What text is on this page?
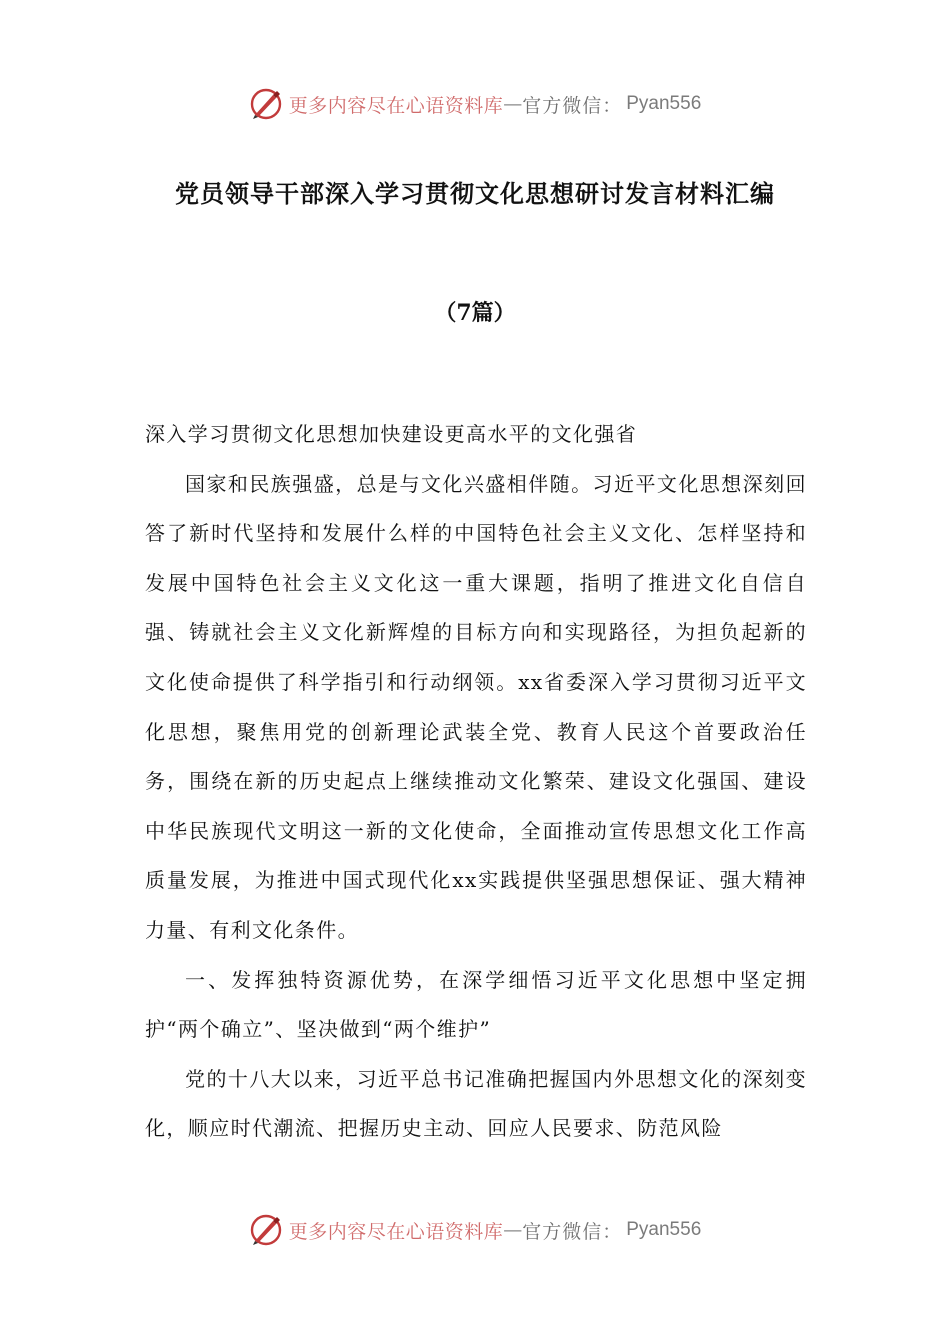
更多内容尽在心语资料库 — 官方微信： Pyan556
党员领导干部深入学习贯彻文化思想研讨发言材料汇编
（7篇）

深入学习贯彻文化思想加快建设更高水平的文化强省

国家和民族强盛，总是与文化兴盛相伴随。习近平文化思想深刻回答了新时代坚持和发展什么样的中国特色社会主义文化、怎样坚持和发展中国特色社会主义文化这一重大课题，指明了推进文化自信自强、铸就社会主义文化新辉煌的目标方向和实现路径，为担负起新的文化使命提供了科学指引和行动纲领。xx省委深入学习贯彻习近平文化思想，聚焦用党的创新理论武装全党、教育人民这个首要政治任务，围绕在新的历史起点上继续推动文化繁荣、建设文化强国、建设中华民族现代文明这一新的文化使命，全面推动宣传思想文化工作高质量发展，为推进中国式现代化xx实践提供坚强思想保证、强大精神力量、有利文化条件。

一、发挥独特资源优势，在深学细悟习近平文化思想中坚定拥护“两个确立”、坚决做到“两个维护”

党的十八大以来，习近平总书记准确把握国内外思想文化的深刻变化，顺应时代潮流、把握历史主动、回应人民要求、防范风险

更多内容尽在心语资料库 — 官方微信： Pyan556
